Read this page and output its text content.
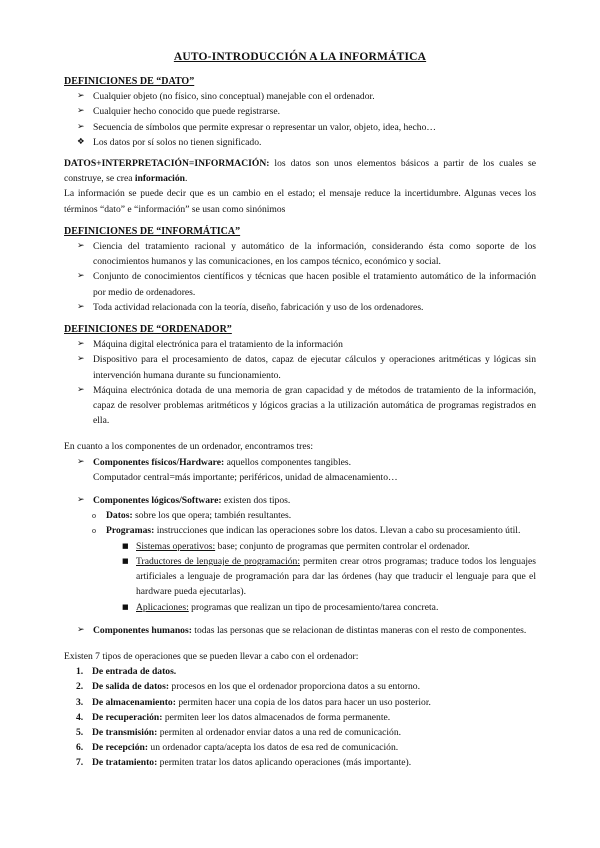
AUTO-INTRODUCCIÓN A LA INFORMÁTICA
DEFINICIONES DE “DATO”
➢ Cualquier objeto (no físico, sino conceptual) manejable con el ordenador.
➢ Cualquier hecho conocido que puede registrarse.
➢ Secuencia de símbolos que permite expresar o representar un valor, objeto, idea, hecho…
❖ Los datos por sí solos no tienen significado.

DATOS+INTERPRETACIÓN=INFORMACIÓN: los datos son unos elementos básicos a partir de los cuales se construye, se crea información.

La información se puede decir que es un cambio en el estado; el mensaje reduce la incertidumbre. Algunas veces los términos “dato” e “información” se usan como sinónimos

DEFINICIONES DE “INFORMÁTICA”
➢ Ciencia del tratamiento racional y automático de la información, considerando ésta como soporte de los conocimientos humanos y las comunicaciones, en los campos técnico, económico y social.
➢ Conjunto de conocimientos científicos y técnicas que hacen posible el tratamiento automático de la información por medio de ordenadores.
➢ Toda actividad relacionada con la teoría, diseño, fabricación y uso de los ordenadores.
DEFINICIONES DE “ORDENADOR”
➢ Máquina digital electrónica para el tratamiento de la información
➢ Dispositivo para el procesamiento de datos, capaz de ejecutar cálculos y operaciones aritméticas y lógicas sin intervención humana durante su funcionamiento.
➢ Máquina electrónica dotada de una memoria de gran capacidad y de métodos de tratamiento de la información, capaz de resolver problemas aritméticos y lógicos gracias a la utilización automática de programas registrados en ella.

En cuanto a los componentes de un ordenador, encontramos tres:

➢ Componentes físicos/Hardware: aquellos componentes tangibles.
Computador central=más importante; periféricos, unidad de almacenamiento…
➢ Componentes lógicos/Software: existen dos tipos.
o Datos: sobre los que opera; también resultantes.
o Programas: instrucciones que indican las operaciones sobre los datos. Llevan a cabo su procesamiento útil.
■ Sistemas operativos: base; conjunto de programas que permiten controlar el ordenador.
■ Traductores de lenguaje de programación: permiten crear otros programas; traduce todos los lenguajes artificiales a lenguaje de programación para dar las órdenes (hay que traducir el lenguaje para que el hardware pueda ejecutarlas).
■ Aplicaciones: programas que realizan un tipo de procesamiento/tarea concreta.
➢ Componentes humanos: todas las personas que se relacionan de distintas maneras con el resto de componentes.

Existen 7 tipos de operaciones que se pueden llevar a cabo con el ordenador:

1. De entrada de datos.
2. De salida de datos: procesos en los que el ordenador proporciona datos a su entorno.
3. De almacenamiento: permiten hacer una copia de los datos para hacer un uso posterior.
4. De recuperación: permiten leer los datos almacenados de forma permanente.
5. De transmisión: permiten al ordenador enviar datos a una red de comunicación.
6. De recepción: un ordenador capta/acepta los datos de esa red de comunicación.
7. De tratamiento: permiten tratar los datos aplicando operaciones (más importante).
